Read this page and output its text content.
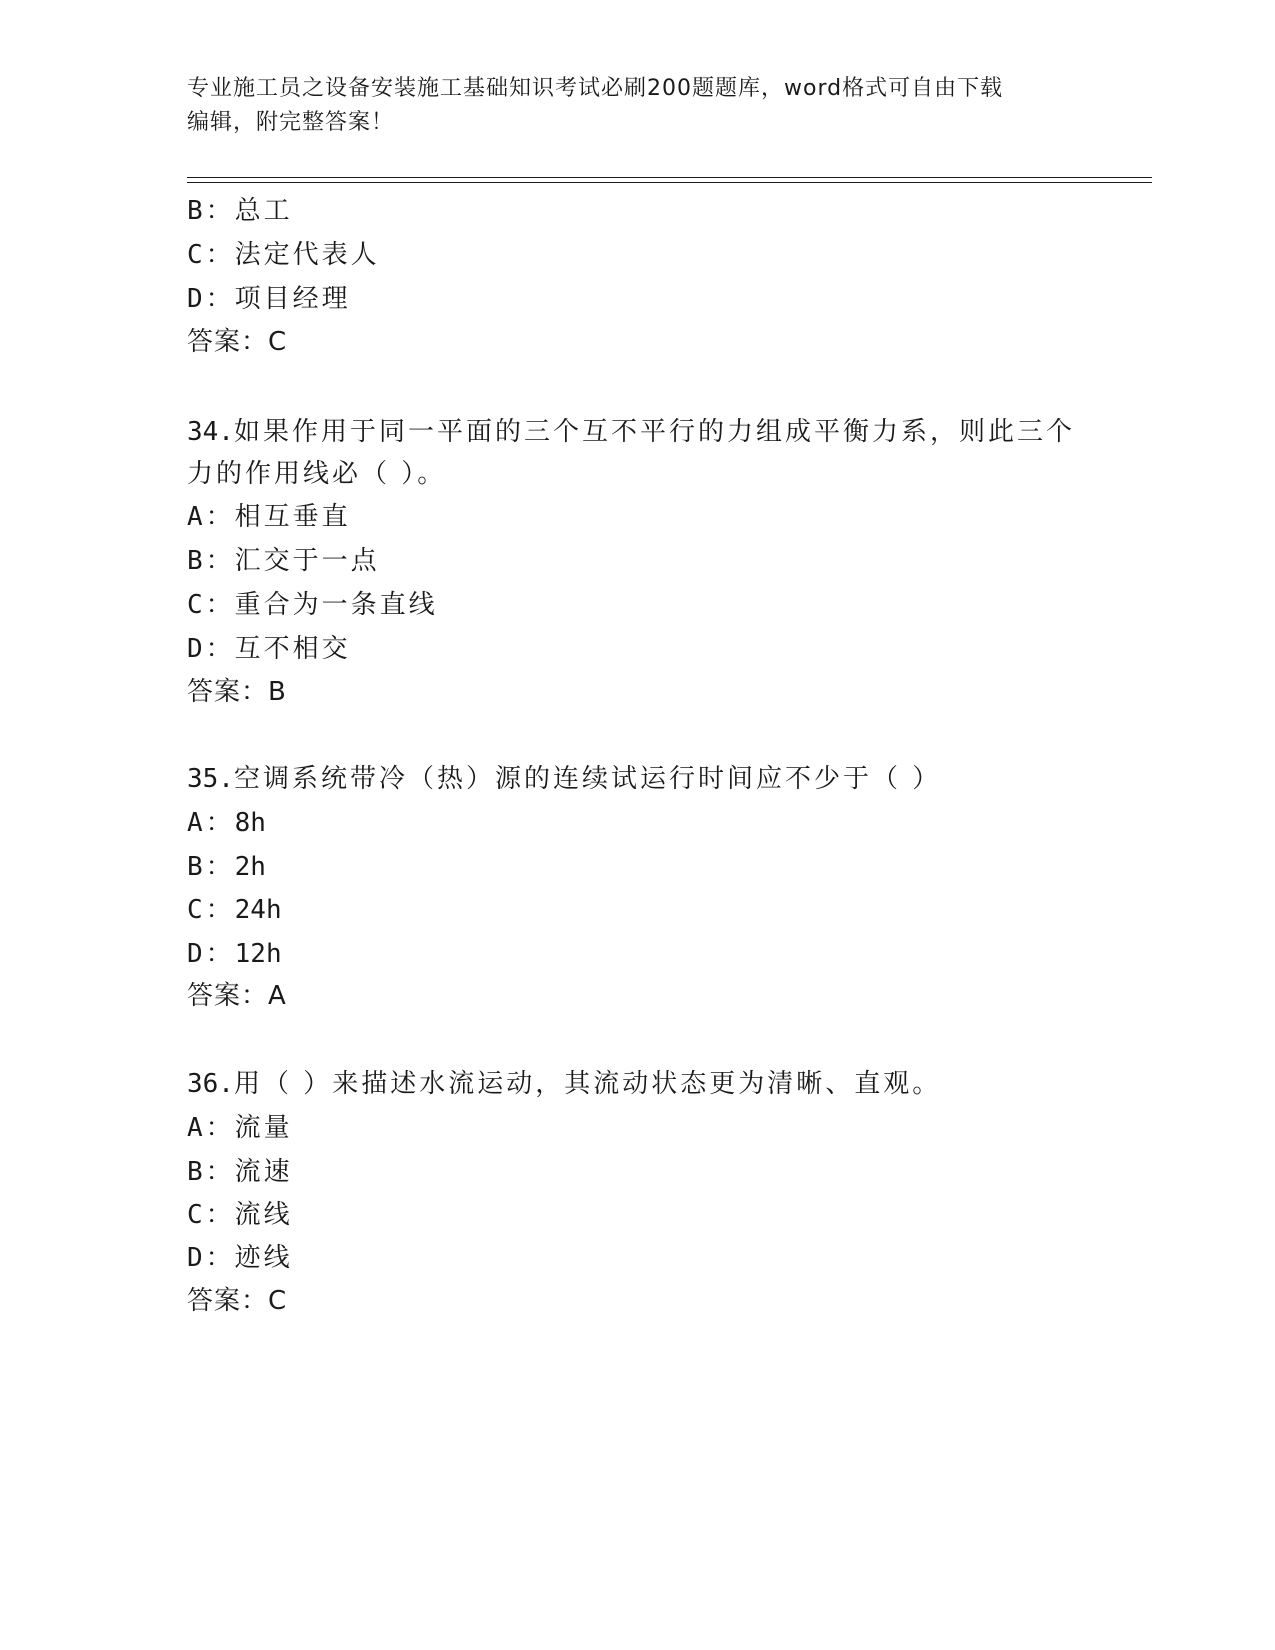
专业施工员之设备安装施工基础知识考试必刷200题题库，word格式可自由下载
编辑，附完整答案！
B：总工
C：法定代表人
D：项目经理
答案：C
34.如果作用于同一平面的三个互不平行的力组成平衡力系，则此三个
力的作用线必（ ）。
A：相互垂直
B：汇交于一点
C：重合为一条直线
D：互不相交
答案：B
35.空调系统带冷（热）源的连续试运行时间应不少于（ ）
A：8h
B：2h
C：24h
D：12h
答案：A
36.用（ ）来描述水流运动，其流动状态更为清晰、直观。
A：流量
B：流速
C：流线
D：迹线
答案：C
